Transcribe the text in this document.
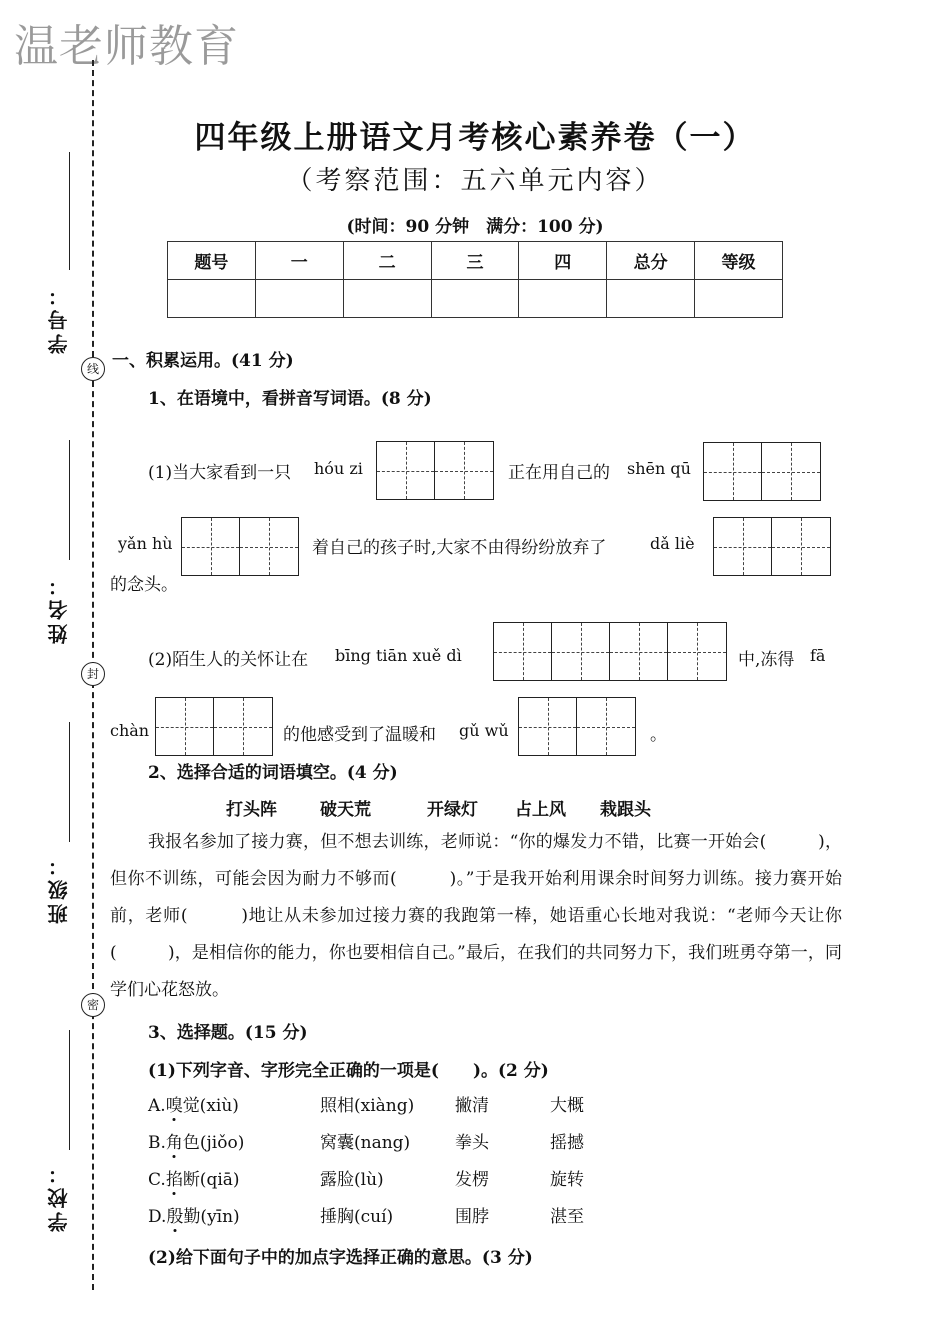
温老师教育
学号：
姓名：
班级：
学校：
线
封
密
四年级上册语文月考核心素养卷（一）
（考察范围：五六单元内容）
(时间：90 分钟　满分：100 分)
题号	一	二	三	四	总分	等级

一、积累运用。(41 分)
1、在语境中，看拼音写词语。(8 分)
(1)当大家看到一只 hóu zi	正在用自己的 shēn qū
yǎn hù	着自己的孩子时,大家不由得纷纷放弃了	dǎ liè
的念头。
(2)陌生人的关怀让在 bīng tiān xuě dì	中,冻得 fā
chàn	的他感受到了温暖和 gǔ wǔ	。
2、选择合适的词语填空。(4 分)
打头阵	破天荒	开绿灯 占上风 栽跟头
我报名参加了接力赛，但不想去训练，老师说：“你的爆发力不错，比赛一开始会(　　　)，但你不训练，可能会因为耐力不够而(　　　)。”于是我开始利用课余时间努力训练。接力赛开始前，老师(　　　)地让从未参加过接力赛的我跑第一棒，她语重心长地对我说：“老师今天让你(　　　)，是相信你的能力，你也要相信自己。”最后，在我们的共同努力下，我们班勇夺第一，同学们心花怒放。
3、选择题。(15 分)
(1)下列字音、字形完全正确的一项是(　　)。(2 分)
A.嗅觉(xiù)	照相(xiàng) 撇清	大概
B.角色(jiǒo)	窝囊(nang)	拳头	摇撼
C.掐断(qiā)	露脸(lù)	发楞	旋转
D.殷勤(yīn)	捶胸(cuí)	围脖	湛至
(2)给下面句子中的加点字选择正确的意思。(3 分)
